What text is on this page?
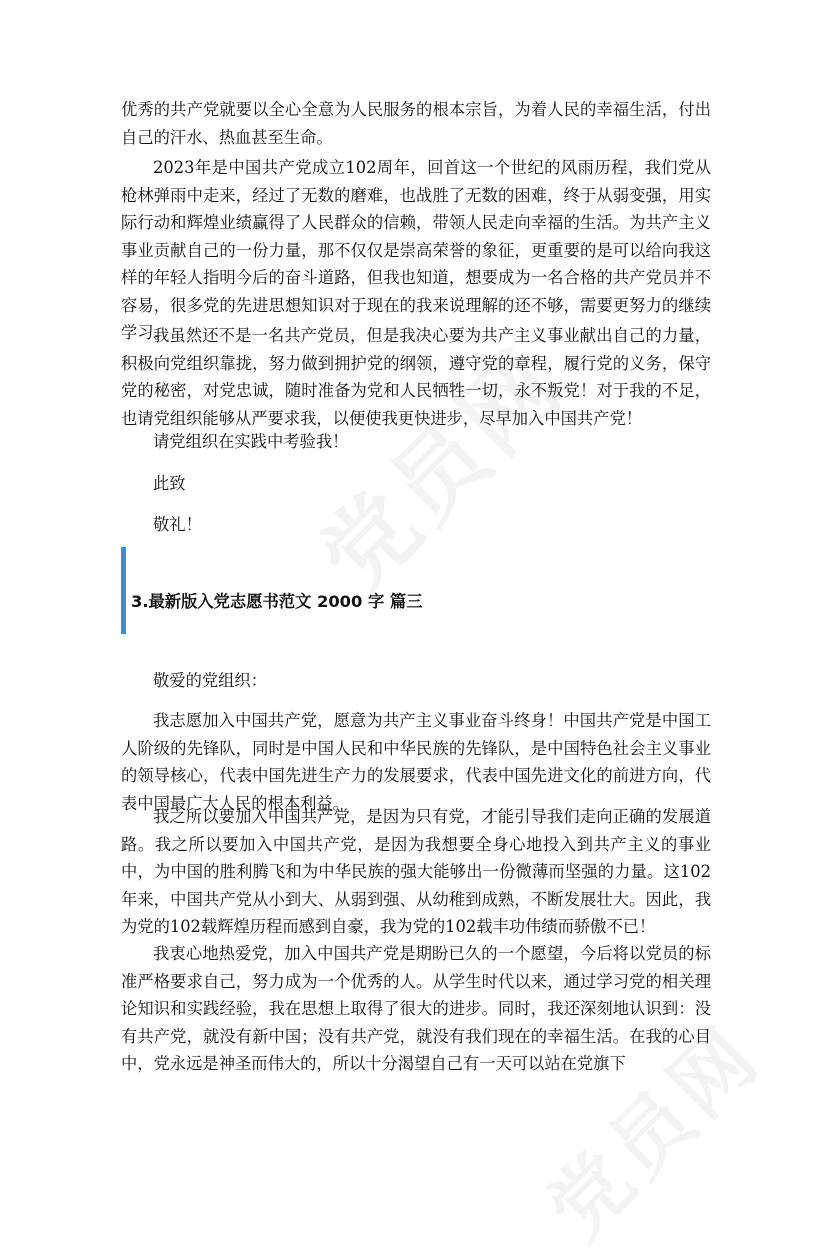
优秀的共产党就要以全心全意为人民服务的根本宗旨，为着人民的幸福生活，付出自己的汗水、热血甚至生命。

2023年是中国共产党成立102周年，回首这一个世纪的风雨历程，我们党从枪林弹雨中走来，经过了无数的磨难，也战胜了无数的困难，终于从弱变强，用实际行动和辉煌业绩赢得了人民群众的信赖，带领人民走向幸福的生活。为共产主义事业贡献自己的一份力量，那不仅仅是崇高荣誉的象征，更重要的是可以给向我这样的年轻人指明今后的奋斗道路，但我也知道，想要成为一名合格的共产党员并不容易，很多党的先进思想知识对于现在的我来说理解的还不够，需要更努力的继续学习。

我虽然还不是一名共产党员，但是我决心要为共产主义事业献出自己的力量，积极向党组织靠拢，努力做到拥护党的纲领，遵守党的章程，履行党的义务，保守党的秘密，对党忠诚，随时准备为党和人民牺牲一切，永不叛党！对于我的不足，也请党组织能够从严要求我，以便使我更快进步，尽早加入中国共产党！

请党组织在实践中考验我！

此致

敬礼！

3.最新版入党志愿书范文 2000 字 篇三

敬爱的党组织：

我志愿加入中国共产党，愿意为共产主义事业奋斗终身！中国共产党是中国工人阶级的先锋队，同时是中国人民和中华民族的先锋队，是中国特色社会主义事业的领导核心，代表中国先进生产力的发展要求，代表中国先进文化的前进方向，代表中国最广大人民的根本利益。

我之所以要加入中国共产党，是因为只有党，才能引导我们走向正确的发展道路。我之所以要加入中国共产党，是因为我想要全身心地投入到共产主义的事业中，为中国的胜利腾飞和为中华民族的强大能够出一份微薄而坚强的力量。这102年来，中国共产党从小到大、从弱到强、从幼稚到成熟，不断发展壮大。因此，我为党的102载辉煌历程而感到自豪，我为党的102载丰功伟绩而骄傲不已！

我衷心地热爱党，加入中国共产党是期盼已久的一个愿望，今后将以党员的标准严格要求自己，努力成为一个优秀的人。从学生时代以来，通过学习党的相关理论知识和实践经验，我在思想上取得了很大的进步。同时，我还深刻地认识到：没有共产党，就没有新中国；没有共产党，就没有我们现在的幸福生活。在我的心目中，党永远是神圣而伟大的，所以十分渴望自己有一天可以站在党旗下
